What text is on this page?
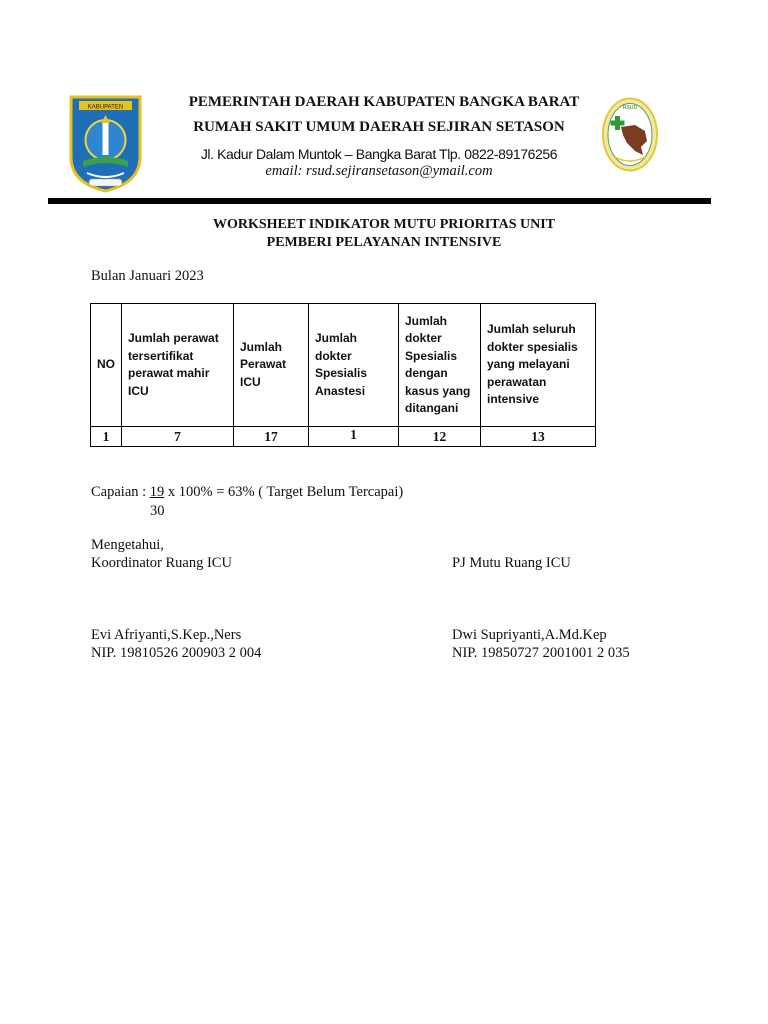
KABUPATEN	RSUD
PEMERINTAH DAERAH KABUPATEN BANGKA BARAT
RUMAH SAKIT UMUM DAERAH SEJIRAN SETASON
Jl. Kadur Dalam Muntok – Bangka Barat Tlp. 0822-89176256
email: rsud.sejiransetason@ymail.com
WORKSHEET INDIKATOR MUTU PRIORITAS UNIT
PEMBERI PELAYANAN INTENSIVE
Bulan Januari 2023
NO	Jumlah perawat tersertifikat perawat mahir ICU	Jumlah Perawat ICU	Jumlah dokter Spesialis Anastesi	Jumlah dokter Spesialis dengan kasus yang ditangani	Jumlah seluruh dokter spesialis yang melayani perawatan intensive

1	7	17	1	12	13
Capaian : 19 x 100% = 63% ( Target Belum Tercapai)
30
Mengetahui,
Koordinator Ruang ICU	PJ Mutu Ruang ICU
Evi Afriyanti,S.Kep.,Ners
NIP. 19810526 200903 2 004
Dwi Supriyanti,A.Md.Kep
NIP. 19850727 2001001 2 035
